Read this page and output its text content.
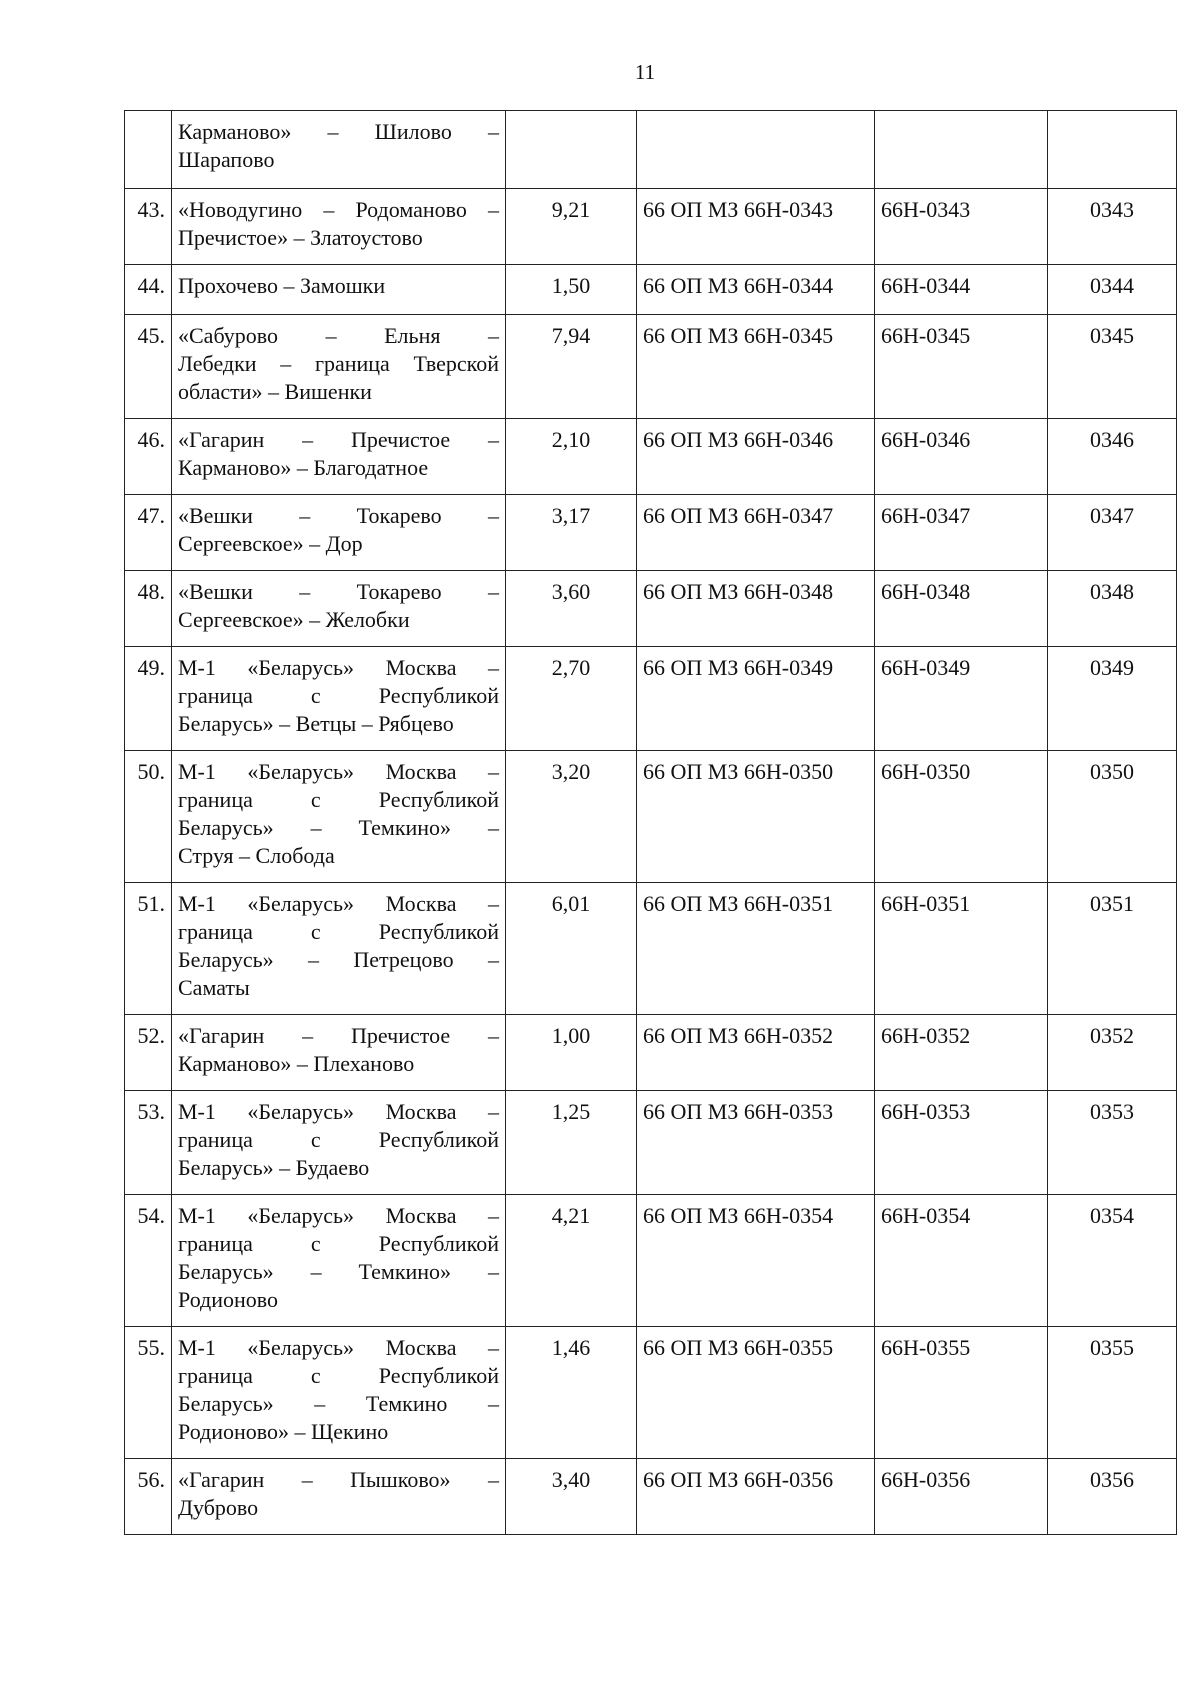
11

	Карманово» – Шилово –
Шарапово				

43.	«Новодугино – Родоманово –
Пречистое» – Златоустово	9,21	66 ОП МЗ 66Н-0343	66Н-0343	0343
44.	Прохочево – Замошки	1,50	66 ОП МЗ 66Н-0344	66Н-0344	0344
45.	«Сабурово – Ельня –
Лебедки – граница Тверской
области» – Вишенки	7,94	66 ОП МЗ 66Н-0345	66Н-0345	0345
46.	«Гагарин – Пречистое –
Карманово» – Благодатное	2,10	66 ОП МЗ 66Н-0346	66Н-0346	0346
47.	«Вешки – Токарево –
Сергеевское» – Дор	3,17	66 ОП МЗ 66Н-0347	66Н-0347	0347
48.	«Вешки – Токарево –
Сергеевское» – Желобки	3,60	66 ОП МЗ 66Н-0348	66Н-0348	0348
49.	М-1 «Беларусь» Москва –
граница с Республикой
Беларусь» – Ветцы – Рябцево	2,70	66 ОП МЗ 66Н-0349	66Н-0349	0349
50.	М-1 «Беларусь» Москва –
граница с Республикой
Беларусь» – Темкино» –
Струя – Слобода	3,20	66 ОП МЗ 66Н-0350	66Н-0350	0350
51.	М-1 «Беларусь» Москва –
граница с Республикой
Беларусь» – Петрецово –
Саматы	6,01	66 ОП МЗ 66Н-0351	66Н-0351	0351
52.	«Гагарин – Пречистое –
Карманово» – Плеханово	1,00	66 ОП МЗ 66Н-0352	66Н-0352	0352
53.	М-1 «Беларусь» Москва –
граница с Республикой
Беларусь» – Будаево	1,25	66 ОП МЗ 66Н-0353	66Н-0353	0353
54.	М-1 «Беларусь» Москва –
граница с Республикой
Беларусь» – Темкино» –
Родионово	4,21	66 ОП МЗ 66Н-0354	66Н-0354	0354
55.	М-1 «Беларусь» Москва –
граница с Республикой
Беларусь» – Темкино –
Родионово» – Щекино	1,46	66 ОП МЗ 66Н-0355	66Н-0355	0355
56.	«Гагарин – Пышково» –
Дуброво	3,40	66 ОП МЗ 66Н-0356	66Н-0356	0356
